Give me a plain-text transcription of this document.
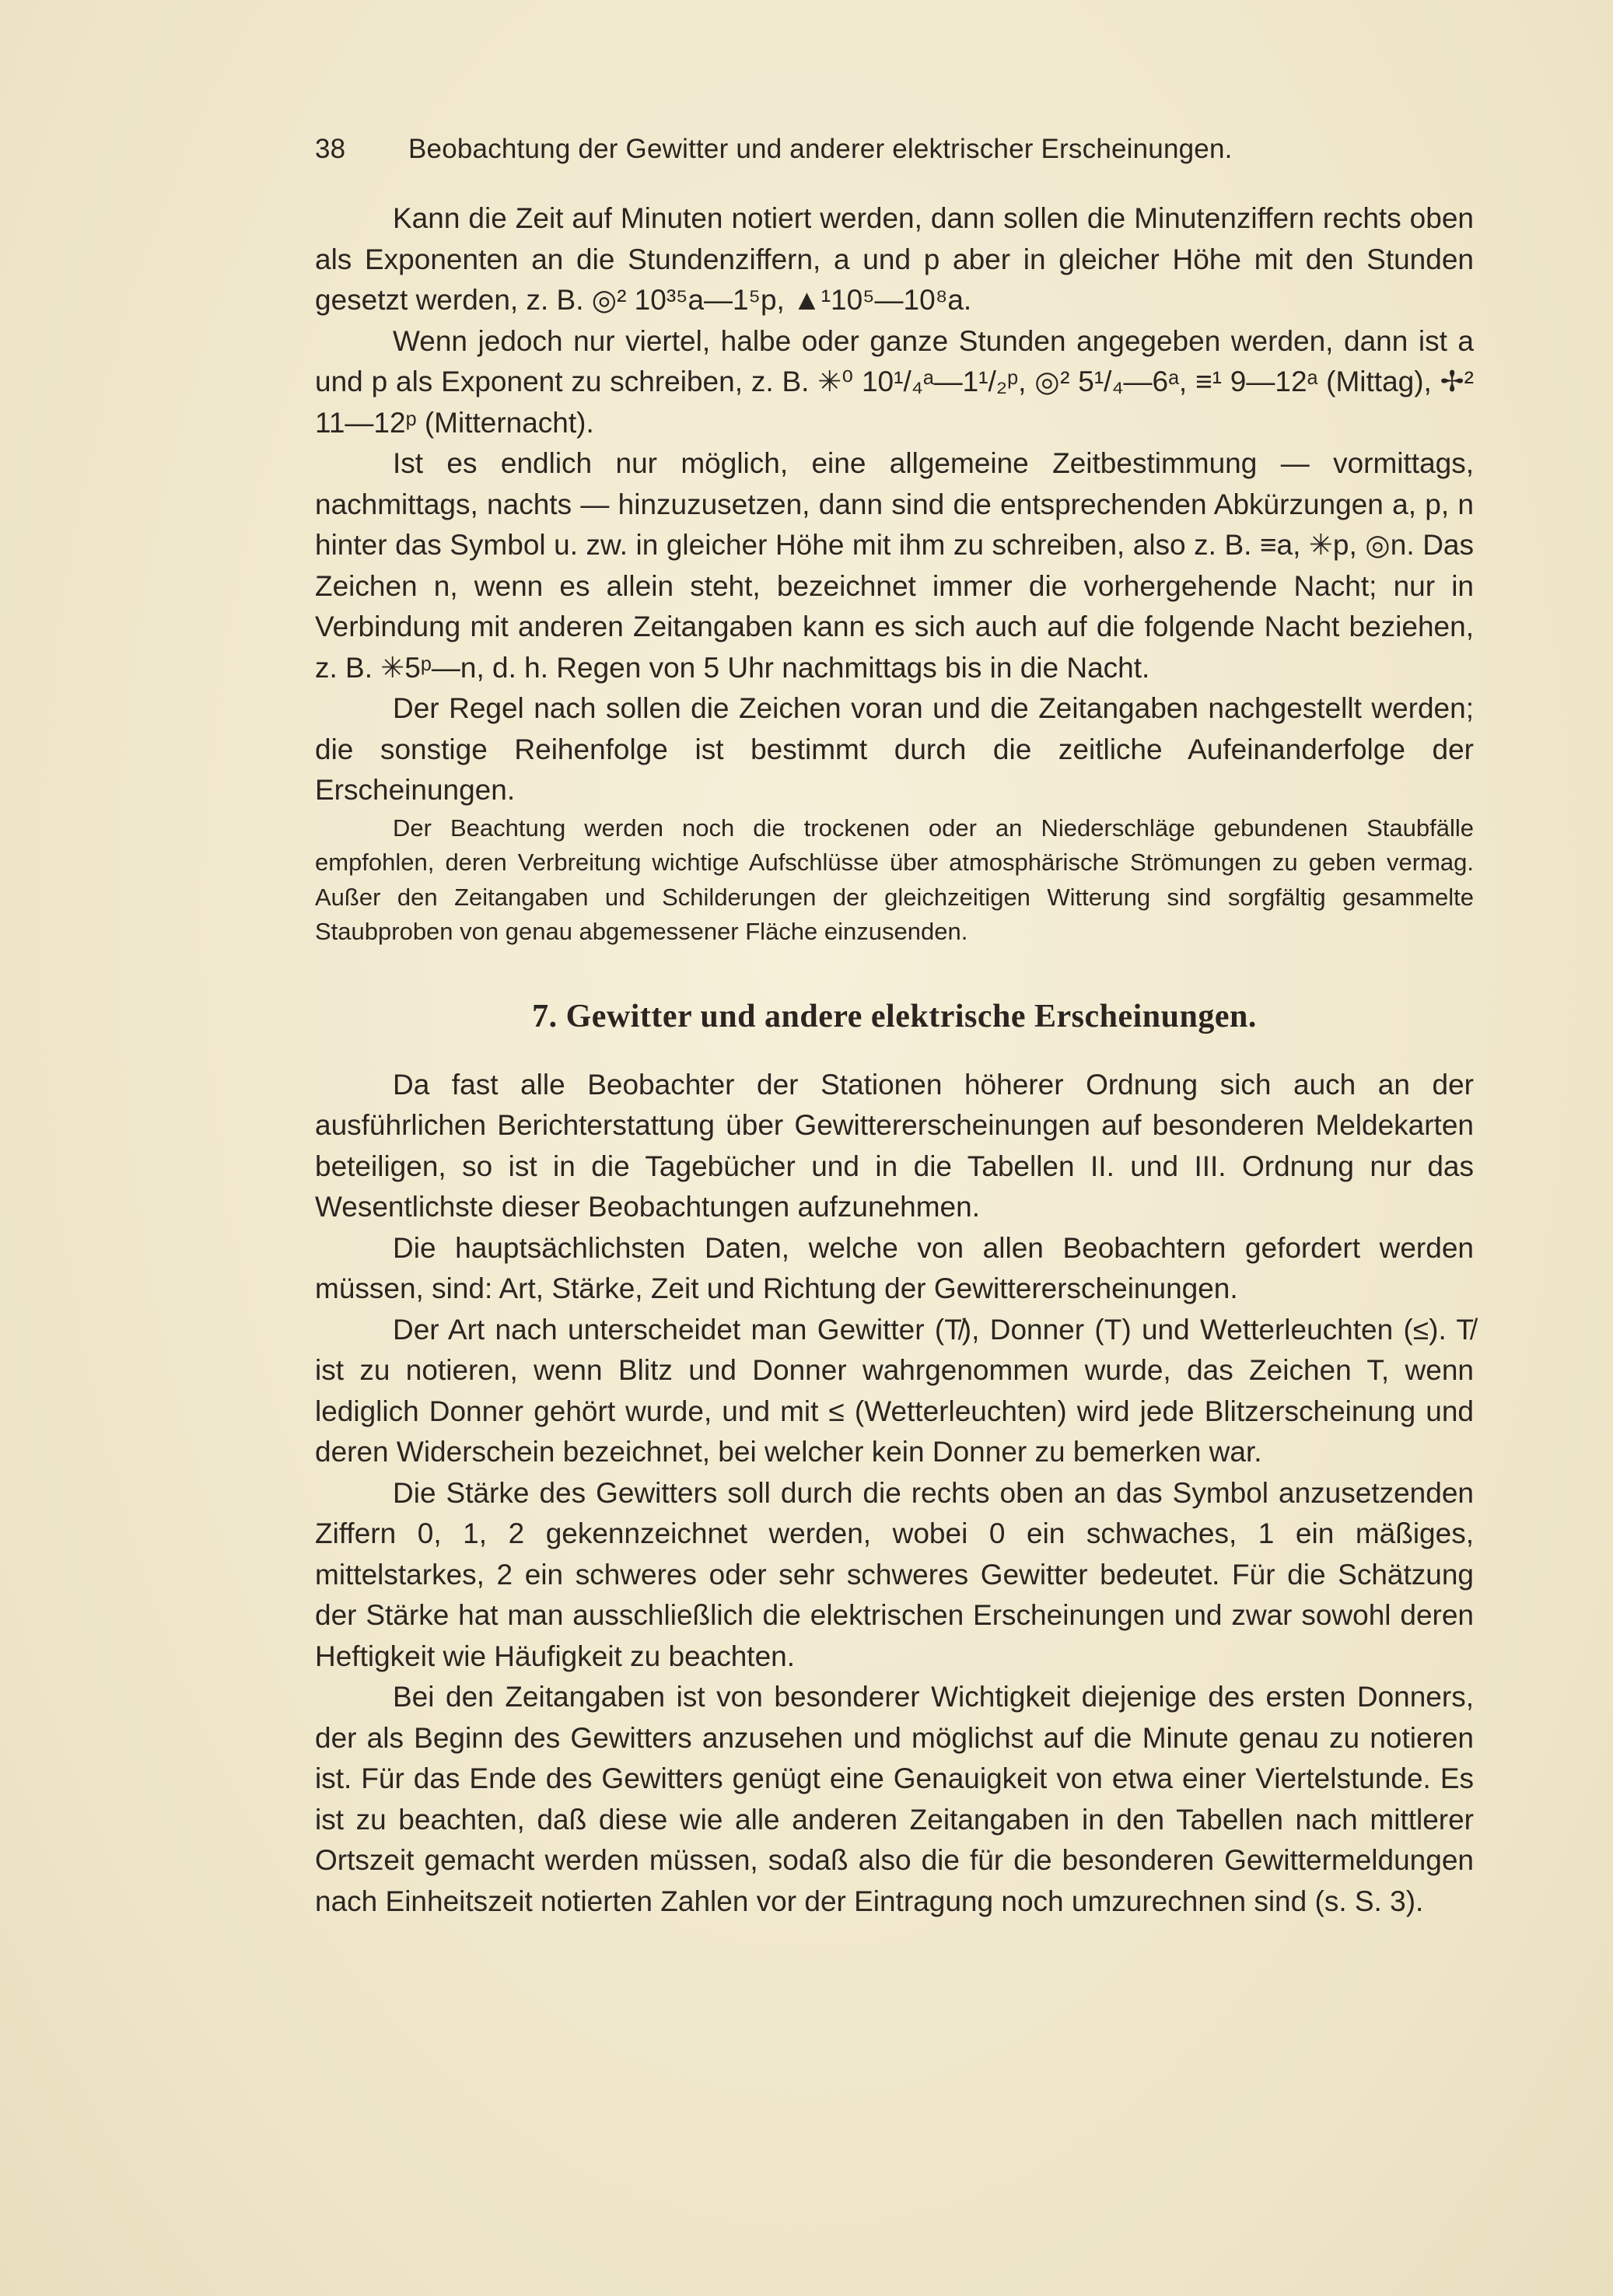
38 Beobachtung der Gewitter und anderer elektrischer Erscheinungen.

Kann die Zeit auf Minuten notiert werden, dann sollen die Minutenziffern rechts oben als Exponenten an die Stundenziffern, a und p aber in gleicher Höhe mit den Stunden gesetzt werden, z. B. ◎² 10³⁵a—1⁵p, ▲¹10⁵—10⁸a.

Wenn jedoch nur viertel, halbe oder ganze Stunden angegeben werden, dann ist a und p als Exponent zu schreiben, z. B. ✳⁰ 10¹/₄ᵃ—1¹/₂ᵖ, ◎² 5¹/₄—6ᵃ, ≡¹ 9—12ᵃ (Mittag), ✢² 11—12ᵖ (Mitternacht).

Ist es endlich nur möglich, eine allgemeine Zeitbestimmung — vormittags, nachmittags, nachts — hinzuzusetzen, dann sind die entsprechenden Abkürzungen a, p, n hinter das Symbol u. zw. in gleicher Höhe mit ihm zu schreiben, also z. B. ≡a, ✳p, ◎n. Das Zeichen n, wenn es allein steht, bezeichnet immer die vorhergehende Nacht; nur in Verbindung mit anderen Zeitangaben kann es sich auch auf die folgende Nacht beziehen, z. B. ✳5ᵖ—n, d. h. Regen von 5 Uhr nachmittags bis in die Nacht.

Der Regel nach sollen die Zeichen voran und die Zeitangaben nachgestellt werden; die sonstige Reihenfolge ist bestimmt durch die zeitliche Aufeinanderfolge der Erscheinungen.

Der Beachtung werden noch die trockenen oder an Niederschläge gebundenen Staubfälle empfohlen, deren Verbreitung wichtige Aufschlüsse über atmosphärische Strömungen zu geben vermag. Außer den Zeitangaben und Schilderungen der gleichzeitigen Witterung sind sorgfältig gesammelte Staubproben von genau abgemessener Fläche einzusenden.

7. Gewitter und andere elektrische Erscheinungen.

Da fast alle Beobachter der Stationen höherer Ordnung sich auch an der ausführlichen Berichterstattung über Gewittererscheinungen auf besonderen Meldekarten beteiligen, so ist in die Tagebücher und in die Tabellen II. und III. Ordnung nur das Wesentlichste dieser Beobachtungen aufzunehmen.

Die hauptsächlichsten Daten, welche von allen Beobachtern gefordert werden müssen, sind: Art, Stärke, Zeit und Richtung der Gewittererscheinungen.

Der Art nach unterscheidet man Gewitter (T̸), Donner (T) und Wetterleuchten (≤). T̸ ist zu notieren, wenn Blitz und Donner wahrgenommen wurde, das Zeichen T, wenn lediglich Donner gehört wurde, und mit ≤ (Wetterleuchten) wird jede Blitzerscheinung und deren Widerschein bezeichnet, bei welcher kein Donner zu bemerken war.

Die Stärke des Gewitters soll durch die rechts oben an das Symbol anzusetzenden Ziffern 0, 1, 2 gekennzeichnet werden, wobei 0 ein schwaches, 1 ein mäßiges, mittelstarkes, 2 ein schweres oder sehr schweres Gewitter bedeutet. Für die Schätzung der Stärke hat man ausschließlich die elektrischen Erscheinungen und zwar sowohl deren Heftigkeit wie Häufigkeit zu beachten.

Bei den Zeitangaben ist von besonderer Wichtigkeit diejenige des ersten Donners, der als Beginn des Gewitters anzusehen und möglichst auf die Minute genau zu notieren ist. Für das Ende des Gewitters genügt eine Genauigkeit von etwa einer Viertelstunde. Es ist zu beachten, daß diese wie alle anderen Zeitangaben in den Tabellen nach mittlerer Ortszeit gemacht werden müssen, sodaß also die für die besonderen Gewittermeldungen nach Einheitszeit notierten Zahlen vor der Eintragung noch umzurechnen sind (s. S. 3).
